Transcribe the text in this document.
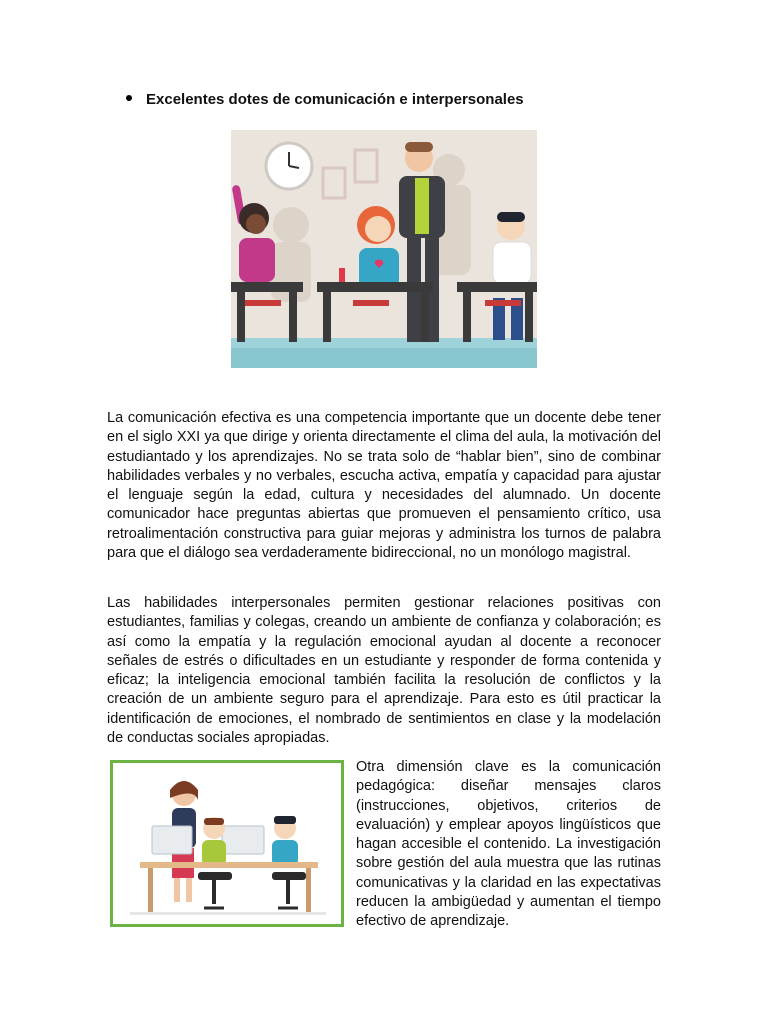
Excelentes dotes de comunicación e interpersonales

La comunicación efectiva es una competencia importante que un docente debe tener en el siglo XXI ya que dirige y orienta directamente el clima del aula, la motivación del estudiantado y los aprendizajes. No se trata solo de “hablar bien”, sino de combinar habilidades verbales y no verbales, escucha activa, empatía y capacidad para ajustar el lenguaje según la edad, cultura y necesidades del alumnado. Un docente comunicador hace preguntas abiertas que promueven el pensamiento crítico, usa retroalimentación constructiva para guiar mejoras y administra los turnos de palabra para que el diálogo sea verdaderamente bidireccional, no un monólogo magistral.

Las habilidades interpersonales permiten gestionar relaciones positivas con estudiantes, familias y colegas, creando un ambiente de confianza y colaboración; es así como la empatía y la regulación emocional ayudan al docente a reconocer señales de estrés o dificultades en un estudiante y responder de forma contenida y eficaz; la inteligencia emocional también facilita la resolución de conflictos y la creación de un ambiente seguro para el aprendizaje. Para esto es útil practicar la identificación de emociones, el nombrado de sentimientos en clase y la modelación de conductas sociales apropiadas.

Otra dimensión clave es la comunicación pedagógica: diseñar mensajes claros (instrucciones, objetivos, criterios de evaluación) y emplear apoyos lingüísticos que hagan accesible el contenido. La investigación sobre gestión del aula muestra que las rutinas comunicativas y la claridad en las expectativas reducen la ambigüedad y aumentan el tiempo efectivo de aprendizaje.
